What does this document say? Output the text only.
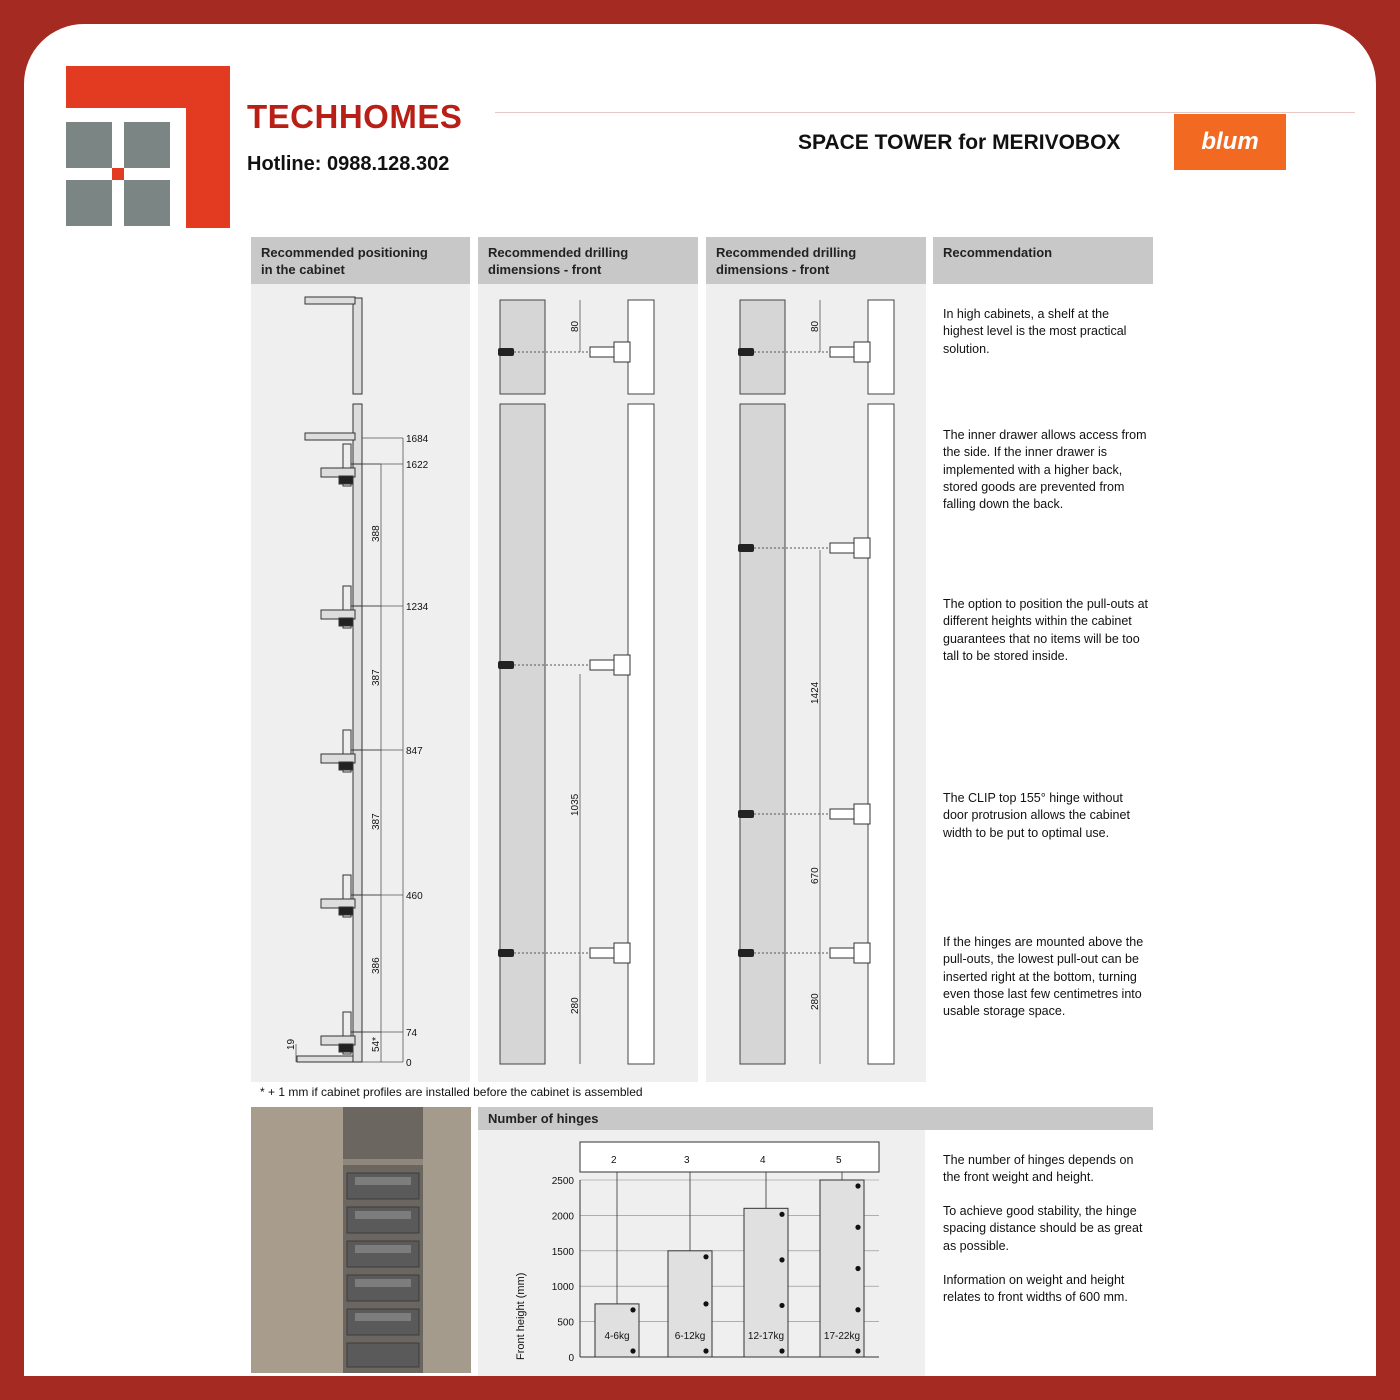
TECHHOMES
Hotline: 0988.128.302
SPACE TOWER for MERIVOBOX	blum
Recommended positioning
in the cabinet
Recommended drilling
dimensions - front
Recommended drilling
dimensions - front
Recommendation
1684
1622
1234
847
460
74
0
388
387
387
386
54*
19
80
1035
280
80
1424
670
280
In high cabinets, a shelf at the highest level is the most practical solution.
The inner drawer allows access from the side. If the inner drawer is implemented with a higher back, stored goods are prevented from falling down the back.
The option to position the pull-outs at different heights within the cabinet guarantees that no items will be too tall to be stored inside.
The CLIP top 155° hinge without door protrusion allows the cabinet width to be put to optimal use.
If the hinges are mounted above the pull-outs, the lowest pull-out can be inserted right at the bottom, turning even those last few centimetres into usable storage space.
* + 1 mm if cabinet profiles are installed before the cabinet is assembled
Number of hinges
Front height (mm)	0
500
1000
1500
2000
2500
2
4-6kg
3
6-12kg
4
12-17kg
5
17-22kg
The number of hinges depends on the front weight and height.
To achieve good stability, the hinge spacing distance should be as great as possible.
Information on weight and height relates to front widths of 600 mm.
